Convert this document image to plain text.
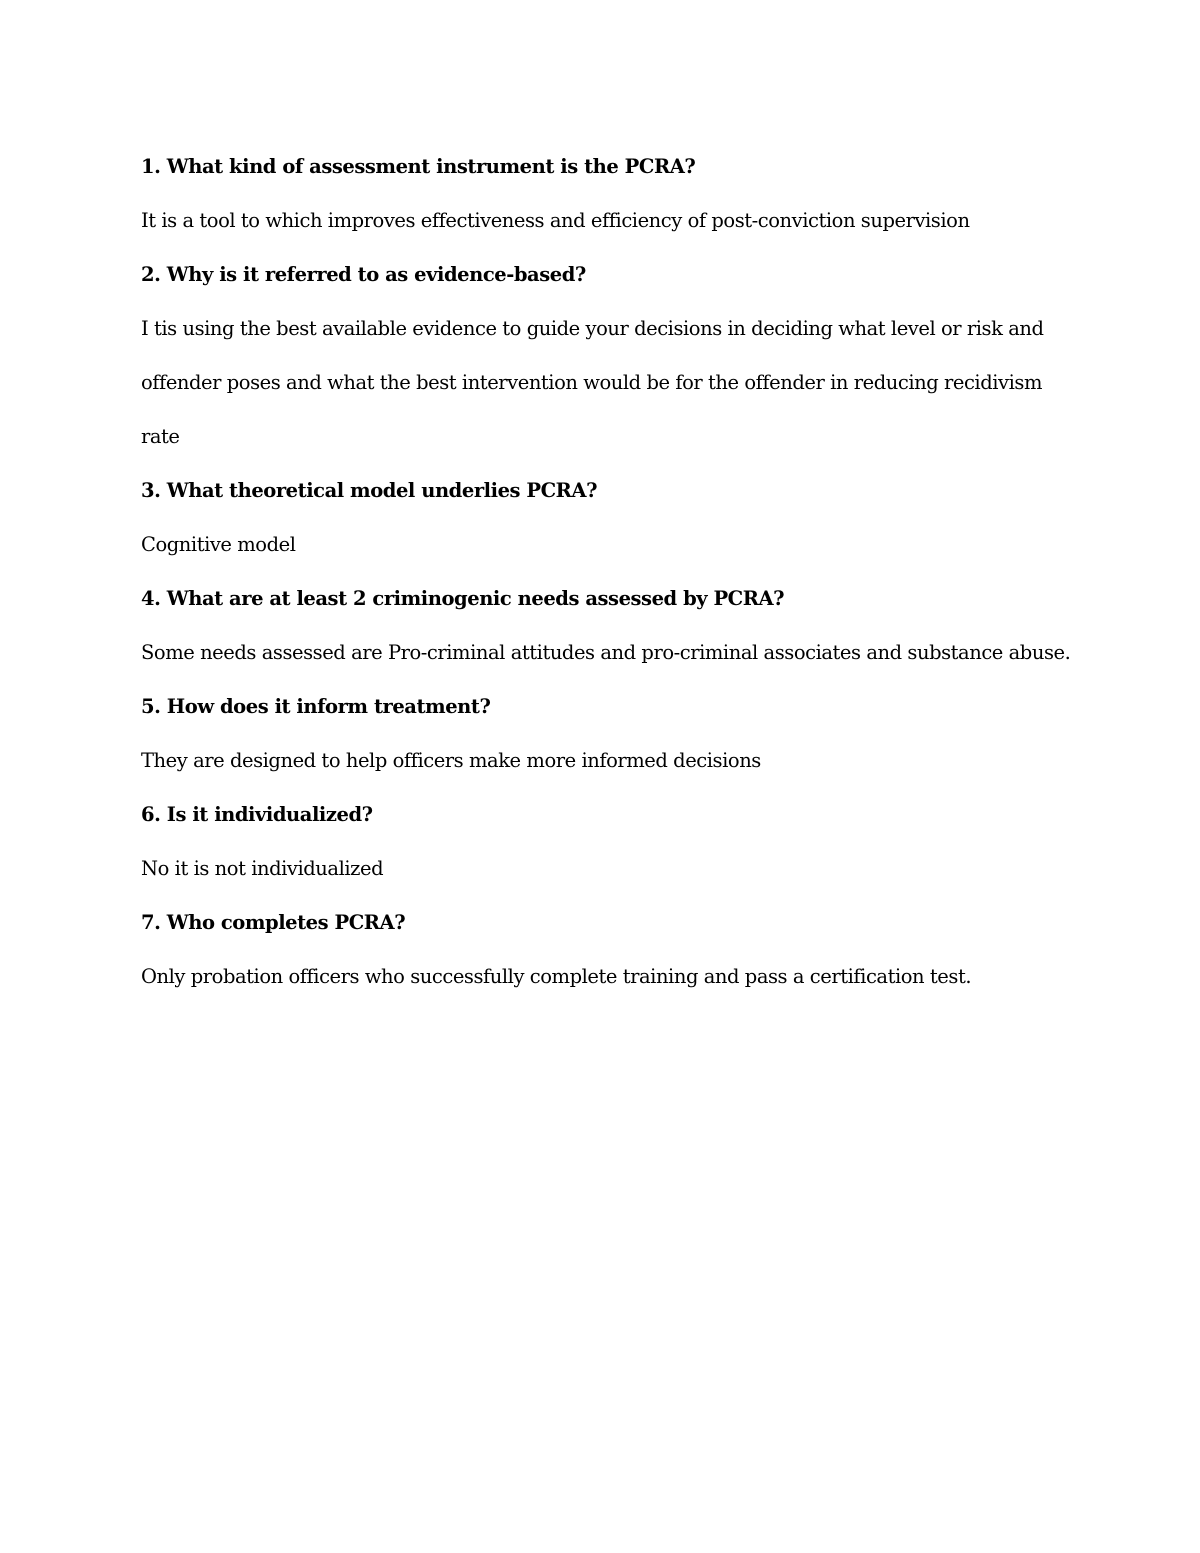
1. What kind of assessment instrument is the PCRA?
It is a tool to which improves effectiveness and efficiency of post-conviction supervision
2. Why is it referred to as evidence-based?
I tis using the best available evidence to guide your decisions in deciding what level or risk and
offender poses and what the best intervention would be for the offender in reducing recidivism
rate
3. What theoretical model underlies PCRA?
Cognitive model
4. What are at least 2 criminogenic needs assessed by PCRA?
Some needs assessed are Pro-criminal attitudes and pro-criminal associates and substance abuse.
5. How does it inform treatment?
They are designed to help officers make more informed decisions
6. Is it individualized?
No it is not individualized
7. Who completes PCRA?
Only probation officers who successfully complete training and pass a certification test.
